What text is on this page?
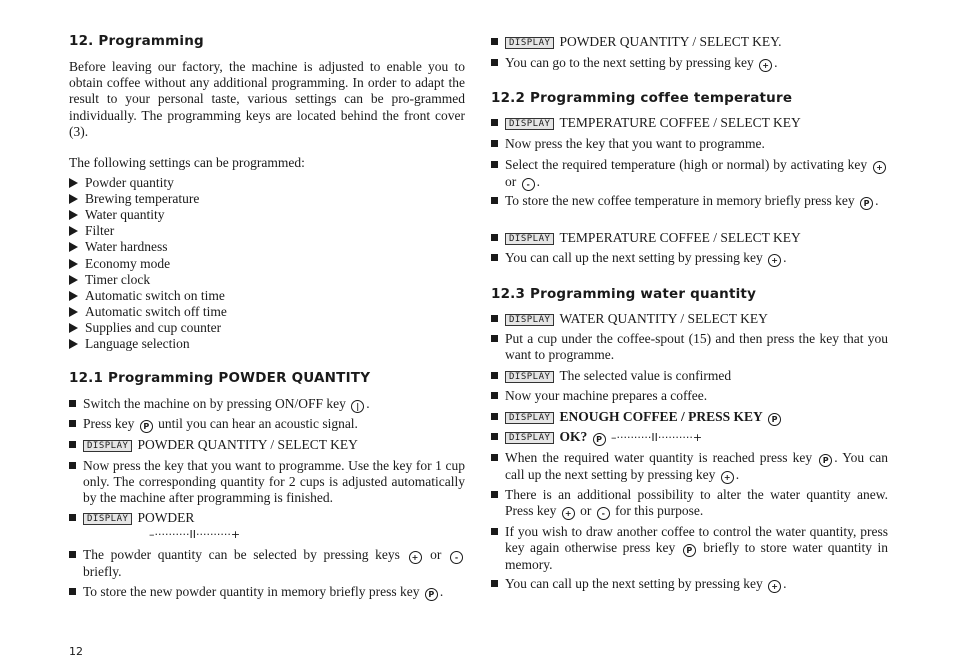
12. Programming

Before leaving our factory, the machine is adjusted to enable you to obtain coffee without any additional programming. In order to adapt the result to your personal taste, various settings can be pro-grammed individually. The programming keys are located behind the front cover (3).

The following settings can be programmed:

Powder quantity
Brewing temperature
Water quantity
Filter
Water hardness
Economy mode
Timer clock
Automatic switch on time
Automatic switch off time
Supplies and cup counter
Language selection
12.1 Programming POWDER QUANTITY
Switch the machine on by pressing ON/OFF key | .
Press key P until you can hear an acoustic signal.
DISPLAY POWDER QUANTITY / SELECT KEY
Now press the key that you want to programme. Use the key for 1 cup only. The corresponding quantity for 2 cups is adjusted automatically by the machine after programming is finished.
DISPLAY POWDER
–··········II··········+
The powder quantity can be selected by pressing keys + or - briefly.
To store the new powder quantity in memory briefly press key P .
DISPLAY POWDER QUANTITY / SELECT KEY.
You can go to the next setting by pressing key + .
12.2 Programming coffee temperature
DISPLAY TEMPERATURE COFFEE / SELECT KEY
Now press the key that you want to programme.
Select the required temperature (high or normal) by activating key + or - .
To store the new coffee temperature in memory briefly press key P .
DISPLAY TEMPERATURE COFFEE / SELECT KEY
You can call up the next setting by pressing key + .
12.3 Programming water quantity
DISPLAY WATER QUANTITY / SELECT KEY
Put a cup under the coffee-spout (15) and then press the key that you want to programme.
DISPLAY The selected value is confirmed
Now your machine prepares a coffee.
DISPLAY ENOUGH COFFEE / PRESS KEY P
DISPLAY OK? P –··········II··········+
When the required water quantity is reached press key P . You can call up the next setting by pressing key + .
There is an additional possibility to alter the water quantity anew. Press key + or - for this purpose.
If you wish to draw another coffee to control the water quantity, press key again otherwise press key P briefly to store water quantity in memory.
You can call up the next setting by pressing key + .
12
